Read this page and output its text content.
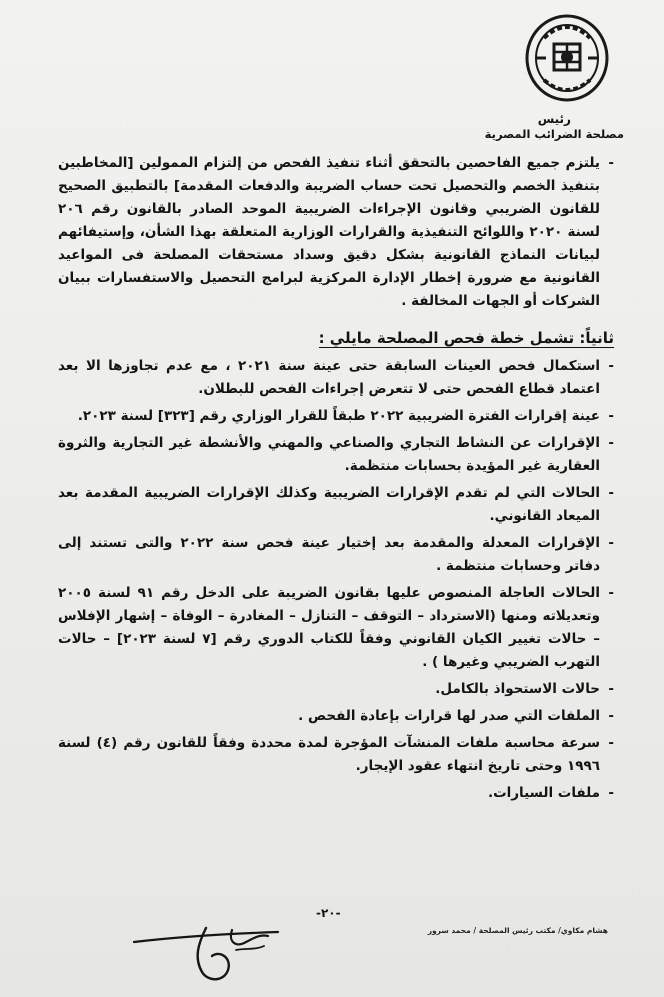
رئيس
مصلحة الضرائب المصرية

-
يلتزم جميع الفاحصين بالتحقق أثناء تنفيذ الفحص من إلتزام الممولين [المخاطبين بتنفيذ الخصم والتحصيل تحت حساب الضريبة والدفعات المقدمة] بالتطبيق الصحيح للقانون الضريبي وقانون الإجراءات الضريبية الموحد الصادر بالقانون رقم ٢٠٦ لسنة ٢٠٢٠ واللوائح التنفيذية والقرارات الوزارية المتعلقة بهذا الشأن، وإستيفائهم لبيانات النماذج القانونية بشكل دقيق وسداد مستحقات المصلحة فى المواعيد القانونية مع ضرورة إخطار الإدارة المركزية لبرامج التحصيل والاستفسارات ببيان الشركات أو الجهات المخالفة .

ثانياً: تشمل خطة فحص المصلحة مايلي :
-
استكمال فحص العينات السابقة حتى عينة سنة ٢٠٢١ ، مع عدم تجاوزها الا بعد اعتماد قطاع الفحص حتى لا تتعرض إجراءات الفحص للبطلان.
-
عينة إقرارات الفترة الضريبية ٢٠٢٢ طبقاً للقرار الوزاري رقم [٣٢٣] لسنة ٢٠٢٣.
-
الإقرارات عن النشاط التجاري والصناعي والمهني والأنشطة غير التجارية والثروة العقارية غير المؤيدة بحسابات منتظمة.
-
الحالات التي لم تقدم الإقرارات الضريبية وكذلك الإقرارات الضريبية المقدمة بعد الميعاد القانوني.
-
الإقرارات المعدلة والمقدمة بعد إختيار عينة فحص سنة ٢٠٢٢ والتى تستند إلى دفاتر وحسابات منتظمة .
-
الحالات العاجلة المنصوص عليها بقانون الضريبة على الدخل رقم ٩١ لسنة ٢٠٠٥ وتعديلاته ومنها (الاسترداد – التوقف – التنازل – المغادرة – الوفاة – إشهار الإفلاس – حالات تغيير الكيان القانوني وفقاً للكتاب الدوري رقم [٧ لسنة ٢٠٢٣] – حالات التهرب الضريبي وغيرها ) .
-
حالات الاستحواذ بالكامل.
-
الملفات التي صدر لها قرارات بإعادة الفحص .
-
سرعة محاسبة ملفات المنشآت المؤجرة لمدة محددة وفقاً للقانون رقم (٤) لسنة ١٩٩٦ وحتى تاريخ انتهاء عقود الإيجار.
-
ملفات السيارات.
-٢٠-
هشام مكاوي/ مكتب رئيس المصلحة / محمد سرور
